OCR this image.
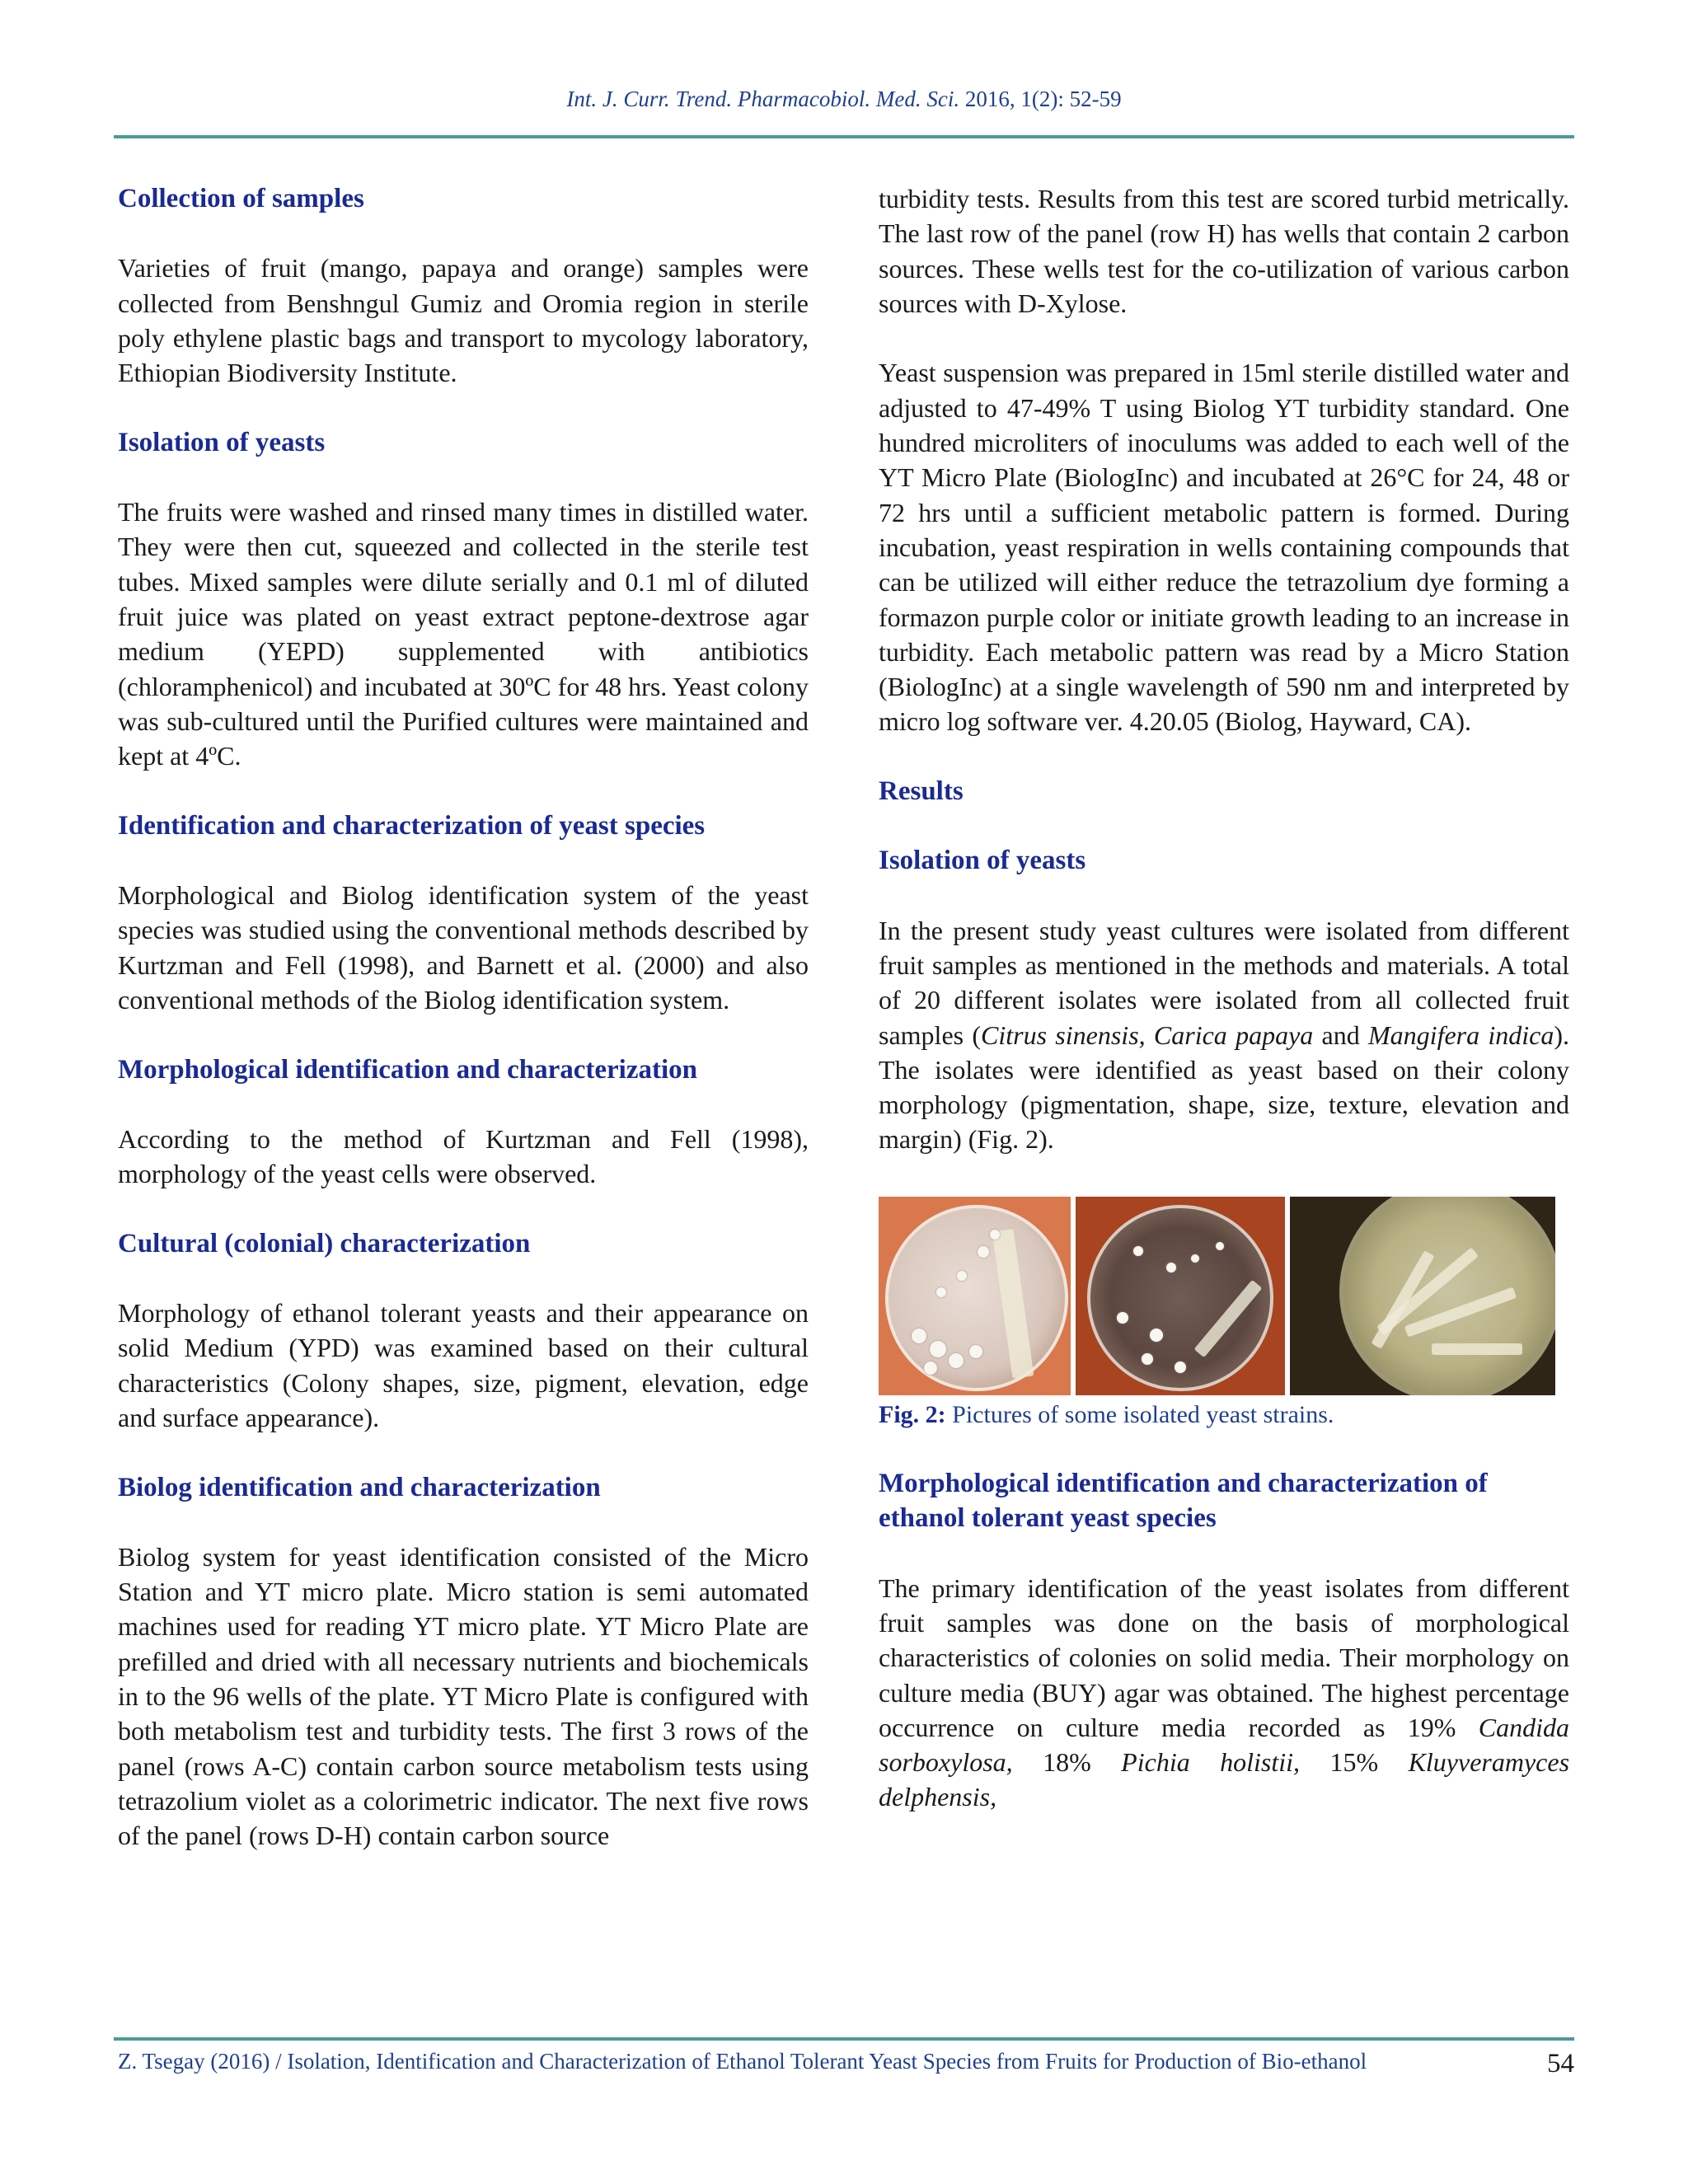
Int. J. Curr. Trend. Pharmacobiol. Med. Sci. 2016, 1(2): 52-59
Collection of samples

Varieties of fruit (mango, papaya and orange) samples were collected from Benshngul Gumiz and Oromia region in sterile poly ethylene plastic bags and transport to mycology laboratory, Ethiopian Biodiversity Institute.

Isolation of yeasts

The fruits were washed and rinsed many times in distilled water. They were then cut, squeezed and collected in the sterile test tubes. Mixed samples were dilute serially and 0.1 ml of diluted fruit juice was plated on yeast extract peptone-dextrose agar medium (YEPD) supplemented with antibiotics (chloramphenicol) and incubated at 30ºC for 48 hrs. Yeast colony was sub-cultured until the Purified cultures were maintained and kept at 4ºC.

Identification and characterization of yeast species

Morphological and Biolog identification system of the yeast species was studied using the conventional methods described by Kurtzman and Fell (1998), and Barnett et al. (2000) and also conventional methods of the Biolog identification system.

Morphological identification and characterization

According to the method of Kurtzman and Fell (1998), morphology of the yeast cells were observed.

Cultural (colonial) characterization

Morphology of ethanol tolerant yeasts and their appearance on solid Medium (YPD) was examined based on their cultural characteristics (Colony shapes, size, pigment, elevation, edge and surface appearance).

Biolog identification and characterization

Biolog system for yeast identification consisted of the Micro Station and YT micro plate. Micro station is semi automated machines used for reading YT micro plate. YT Micro Plate are prefilled and dried with all necessary nutrients and biochemicals in to the 96 wells of the plate. YT Micro Plate is configured with both metabolism test and turbidity tests. The first 3 rows of the panel (rows A-C) contain carbon source metabolism tests using tetrazolium violet as a colorimetric indicator. The next five rows of the panel (rows D-H) contain carbon source

turbidity tests. Results from this test are scored turbid metrically. The last row of the panel (row H) has wells that contain 2 carbon sources. These wells test for the co-utilization of various carbon sources with D-Xylose.

Yeast suspension was prepared in 15ml sterile distilled water and adjusted to 47-49% T using Biolog YT turbidity standard. One hundred microliters of inoculums was added to each well of the YT Micro Plate (BiologInc) and incubated at 26°C for 24, 48 or 72 hrs until a sufficient metabolic pattern is formed. During incubation, yeast respiration in wells containing compounds that can be utilized will either reduce the tetrazolium dye forming a formazon purple color or initiate growth leading to an increase in turbidity. Each metabolic pattern was read by a Micro Station (BiologInc) at a single wavelength of 590 nm and interpreted by micro log software ver. 4.20.05 (Biolog, Hayward, CA).

Results
Isolation of yeasts

In the present study yeast cultures were isolated from different fruit samples as mentioned in the methods and materials. A total of 20 different isolates were isolated from all collected fruit samples (Citrus sinensis, Carica papaya and Mangifera indica). The isolates were identified as yeast based on their colony morphology (pigmentation, shape, size, texture, elevation and margin) (Fig. 2).

Fig. 2: Pictures of some isolated yeast strains.

Morphological identification and characterization of ethanol tolerant yeast species

The primary identification of the yeast isolates from different fruit samples was done on the basis of morphological characteristics of colonies on solid media. Their morphology on culture media (BUY) agar was obtained. The highest percentage occurrence on culture media recorded as 19% Candida sorboxylosa, 18% Pichia holistii, 15% Kluyveramyces delphensis,

Z. Tsegay (2016) / Isolation, Identification and Characterization of Ethanol Tolerant Yeast Species from Fruits for Production of Bio-ethanol	54
